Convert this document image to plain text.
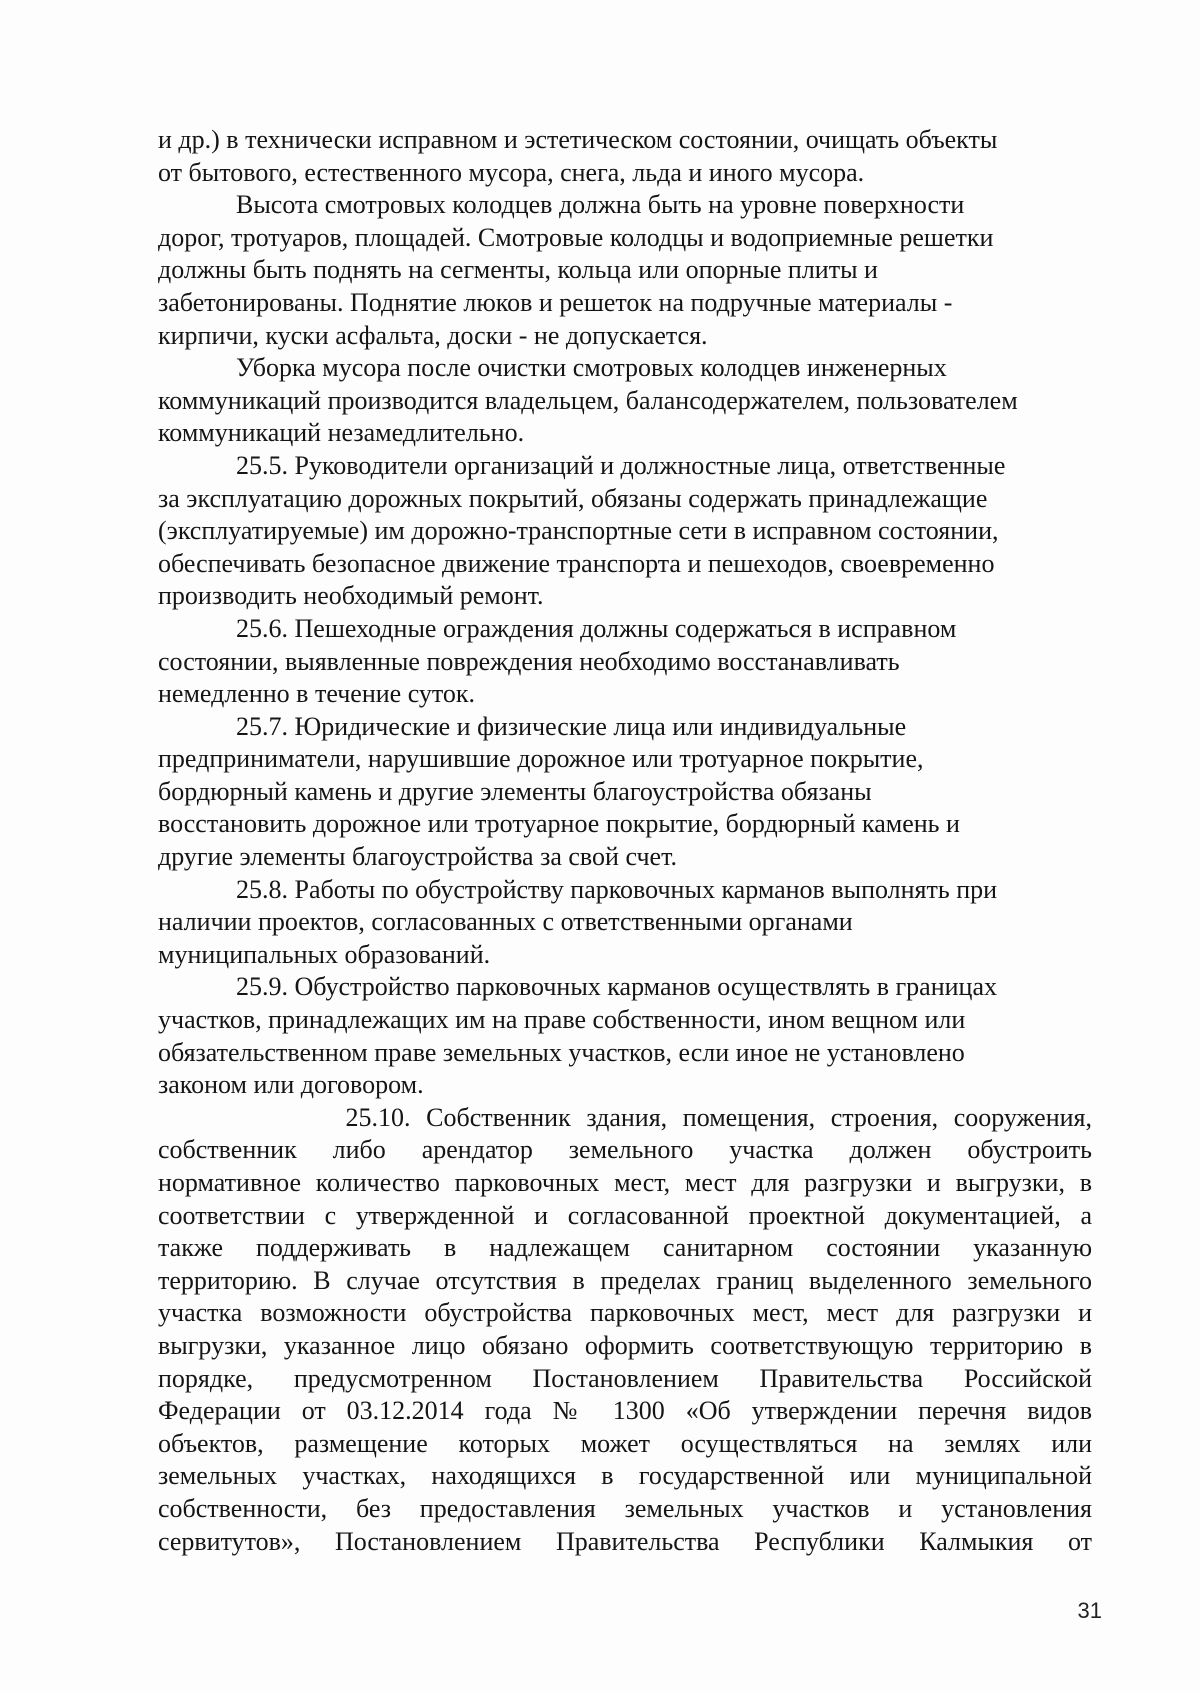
и др.) в технически исправном и эстетическом состоянии, очищать объекты
от бытового, естественного мусора, снега, льда и иного мусора.

Высота смотровых колодцев должна быть на уровне поверхности
дорог, тротуаров, площадей. Смотровые колодцы и водоприемные решетки
должны быть поднять на сегменты, кольца или опорные плиты и
забетонированы. Поднятие люков и решеток на подручные материалы -
кирпичи, куски асфальта, доски - не допускается.

Уборка мусора после очистки смотровых колодцев инженерных
коммуникаций производится владельцем, балансодержателем, пользователем
коммуникаций незамедлительно.

25.5. Руководители организаций и должностные лица, ответственные
за эксплуатацию дорожных покрытий, обязаны содержать принадлежащие
(эксплуатируемые) им дорожно-транспортные сети в исправном состоянии,
обеспечивать безопасное движение транспорта и пешеходов, своевременно
производить необходимый ремонт.

25.6. Пешеходные ограждения должны содержаться в исправном
состоянии, выявленные повреждения необходимо восстанавливать
немедленно в течение суток.

25.7. Юридические и физические лица или индивидуальные
предприниматели, нарушившие дорожное или тротуарное покрытие,
бордюрный камень и другие элементы благоустройства обязаны
восстановить дорожное или тротуарное покрытие, бордюрный камень и
другие элементы благоустройства за свой счет.

25.8. Работы по обустройству парковочных карманов выполнять при
наличии проектов, согласованных с ответственными органами
муниципальных образований.

25.9. Обустройство парковочных карманов осуществлять в границах
участков, принадлежащих им на праве собственности, ином вещном или
обязательственном праве земельных участков, если иное не установлено
законом или договором.

25.10. Собственник здания, помещения, строения, сооружения,
собственник либо арендатор земельного участка должен обустроить
нормативное количество парковочных мест, мест для разгрузки и выгрузки, в
соответствии с утвержденной и согласованной проектной документацией, а
также поддерживать в надлежащем санитарном состоянии указанную
территорию. В случае отсутствия в пределах границ выделенного земельного
участка возможности обустройства парковочных мест, мест для разгрузки и
выгрузки, указанное лицо обязано оформить соответствующую территорию в
порядке, предусмотренном Постановлением Правительства Российской
Федерации от 03.12.2014 года № 1300 «Об утверждении перечня видов
объектов, размещение которых может осуществляться на землях или
земельных участках, находящихся в государственной или муниципальной
собственности, без предоставления земельных участков и установления
сервитутов», Постановлением Правительства Республики Калмыкия от

31
